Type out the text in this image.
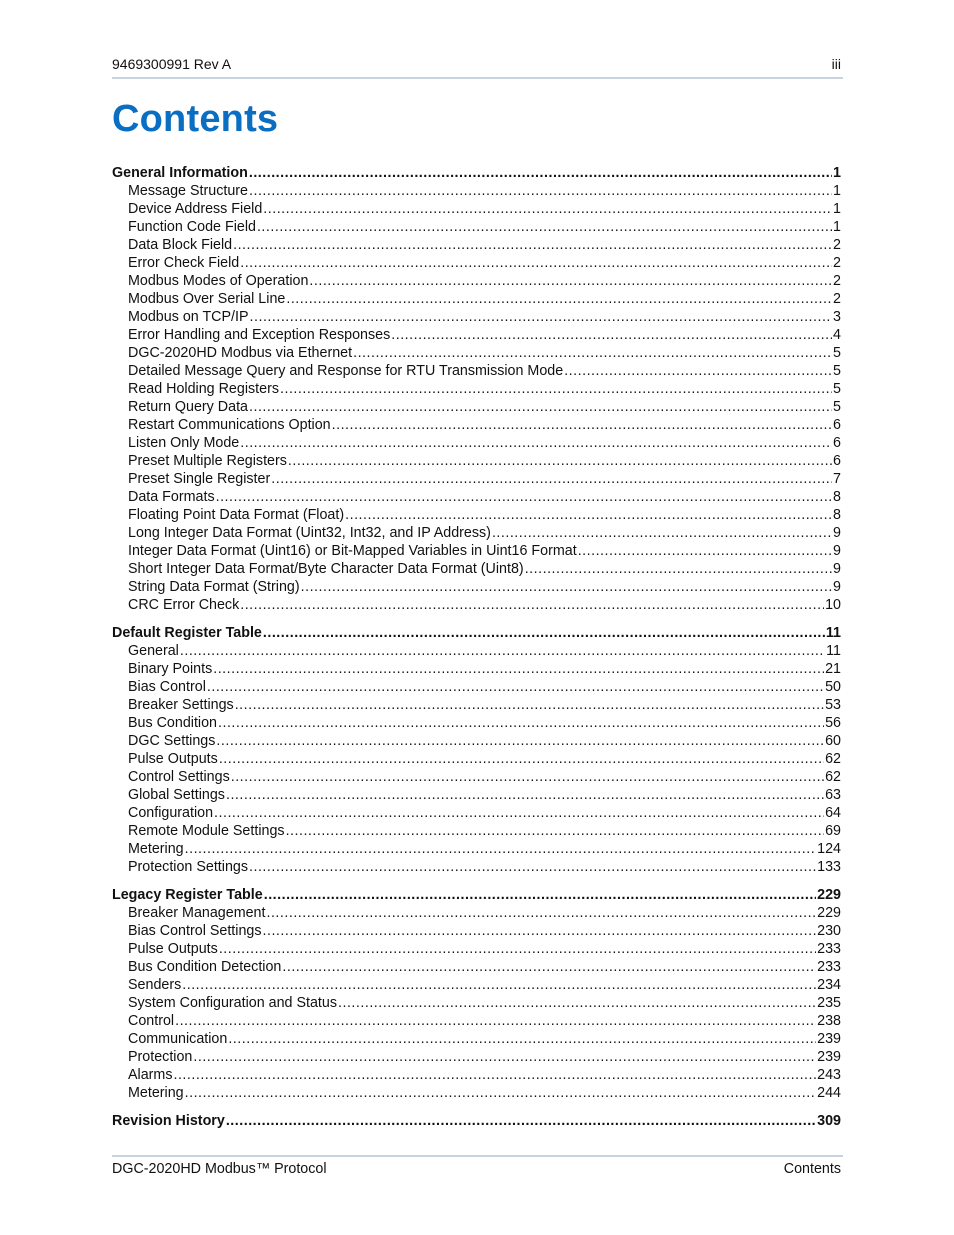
9469300991 Rev A	iii
Contents
General Information .....	1
Message Structure .....	1
Device Address Field .....	1
Function Code Field .....	1
Data Block Field .....	2
Error Check Field .....	2
Modbus Modes of Operation .....	2
Modbus Over Serial Line .....	2
Modbus on TCP/IP .....	3
Error Handling and Exception Responses .....	4
DGC-2020HD Modbus via Ethernet .....	5
Detailed Message Query and Response for RTU Transmission Mode .....	5
Read Holding Registers .....	5
Return Query Data .....	5
Restart Communications Option .....	6
Listen Only Mode .....	6
Preset Multiple Registers .....	6
Preset Single Register .....	7
Data Formats .....	8
Floating Point Data Format (Float) .....	8
Long Integer Data Format (Uint32, Int32, and IP Address) .....	9
Integer Data Format (Uint16) or Bit-Mapped Variables in Uint16 Format .....	9
Short Integer Data Format/Byte Character Data Format (Uint8) .....	9
String Data Format (String) .....	9
CRC Error Check .....	10
Default Register Table .....	11
General .....	11
Binary Points .....	21
Bias Control .....	50
Breaker Settings .....	53
Bus Condition .....	56
DGC Settings .....	60
Pulse Outputs .....	62
Control Settings .....	62
Global Settings .....	63
Configuration .....	64
Remote Module Settings .....	69
Metering .....	124
Protection Settings .....	133
Legacy Register Table .....	229
Breaker Management .....	229
Bias Control Settings .....	230
Pulse Outputs .....	233
Bus Condition Detection .....	233
Senders .....	234
System Configuration and Status .....	235
Control .....	238
Communication .....	239
Protection .....	239
Alarms .....	243
Metering .....	244
Revision History .....	309
DGC-2020HD Modbus™ Protocol	Contents
